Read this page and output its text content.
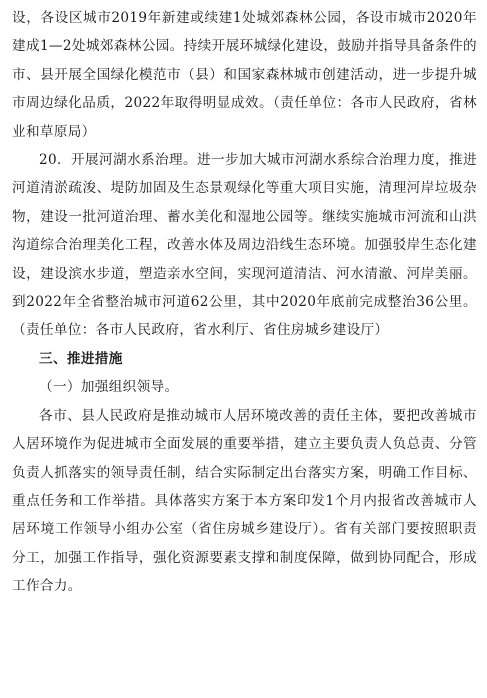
设，各设区城市2019年新建或续建1处城郊森林公园，各设市城市2020年建成1—2处城郊森林公园。持续开展环城绿化建设，鼓励并指导具备条件的市、县开展全国绿化模范市（县）和国家森林城市创建活动，进一步提升城市周边绿化品质，2022年取得明显成效。（责任单位：各市人民政府，省林业和草原局）

20．开展河湖水系治理。进一步加大城市河湖水系综合治理力度，推进河道清淤疏浚、堤防加固及生态景观绿化等重大项目实施，清理河岸垃圾杂物，建设一批河道治理、蓄水美化和湿地公园等。继续实施城市河流和山洪沟道综合治理美化工程，改善水体及周边沿线生态环境。加强驳岸生态化建设，建设滨水步道，塑造亲水空间，实现河道清洁、河水清澈、河岸美丽。到2022年全省整治城市河道62公里，其中2020年底前完成整治36公里。（责任单位：各市人民政府，省水利厅、省住房城乡建设厅）

三、推进措施

（一）加强组织领导。

各市、县人民政府是推动城市人居环境改善的责任主体，要把改善城市人居环境作为促进城市全面发展的重要举措，建立主要负责人负总责、分管负责人抓落实的领导责任制，结合实际制定出台落实方案，明确工作目标、重点任务和工作举措。具体落实方案于本方案印发1个月内报省改善城市人居环境工作领导小组办公室（省住房城乡建设厅）。省有关部门要按照职责分工，加强工作指导，强化资源要素支撑和制度保障，做到协同配合，形成工作合力。
